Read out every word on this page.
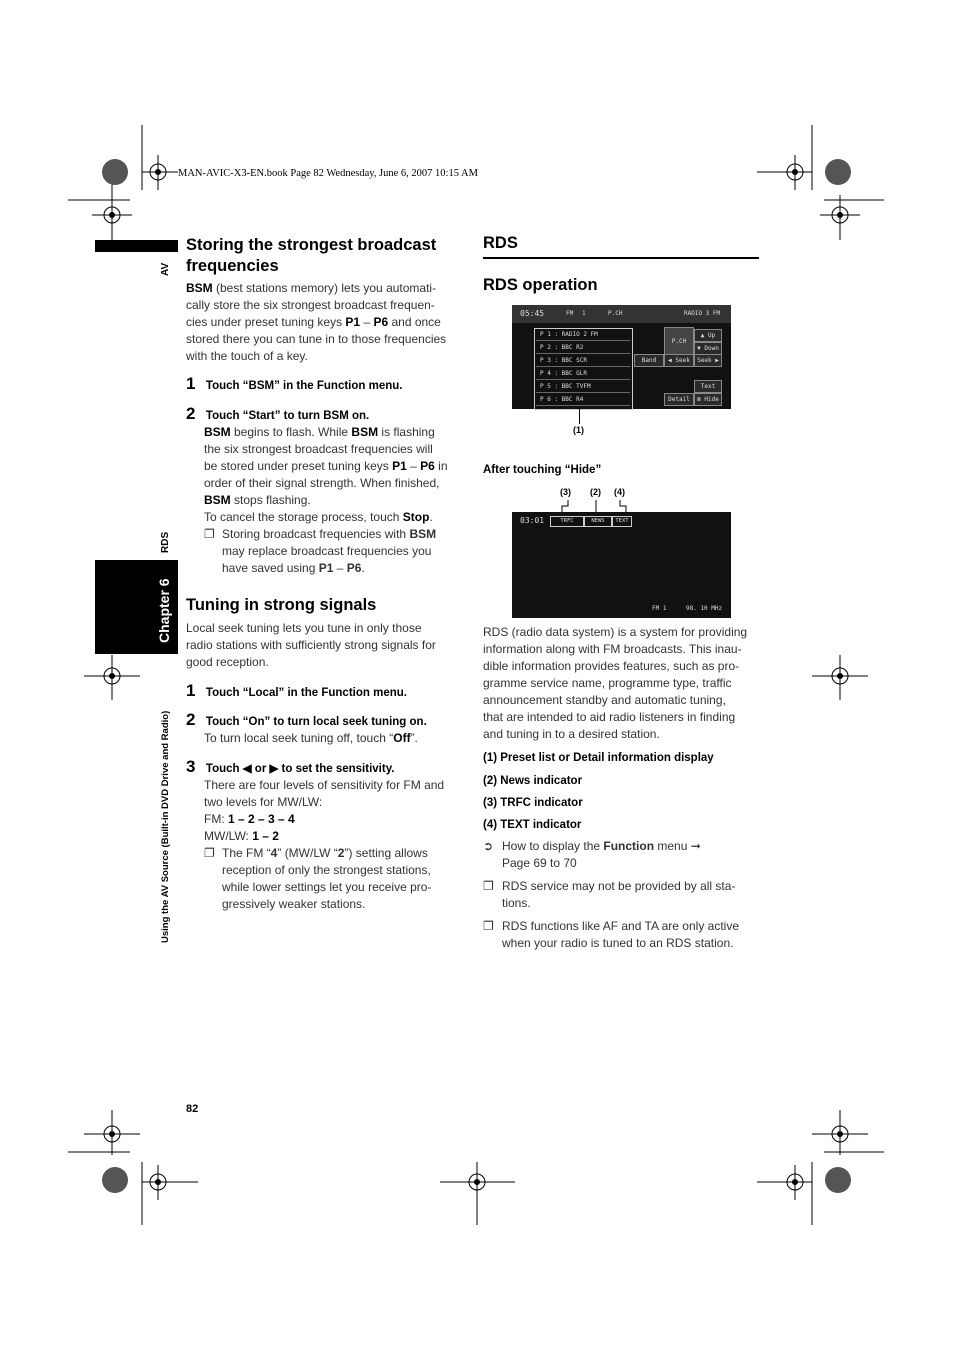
MAN-AVIC-X3-EN.book Page 82 Wednesday, June 6, 2007 10:15 AM
AV
RDS
Chapter 6
Using the AV Source (Built-in DVD Drive and Radio)
Storing the strongest broadcast
frequencies
BSM (best stations memory) lets you automati-
cally store the six strongest broadcast frequen-
cies under preset tuning keys P1 – P6 and once
stored there you can tune in to those frequencies
with the touch of a key.
1 Touch “BSM” in the Function menu.
2 Touch “Start” to turn BSM on.
BSM begins to flash. While BSM is flashing
the six strongest broadcast frequencies will
be stored under preset tuning keys P1 – P6 in
order of their signal strength. When finished,
BSM stops flashing.
To cancel the storage process, touch Stop.
❐ Storing broadcast frequencies with BSM
may replace broadcast frequencies you
have saved using P1 – P6.
Tuning in strong signals
Local seek tuning lets you tune in only those
radio stations with sufficiently strong signals for
good reception.
1 Touch “Local” in the Function menu.
2 Touch “On” to turn local seek tuning on.
To turn local seek tuning off, touch “Off”.
3 Touch ◀ or ▶ to set the sensitivity.
There are four levels of sensitivity for FM and
two levels for MW/LW:
FM: 1 – 2 – 3 – 4
MW/LW: 1 – 2
❐ The FM “4” (MW/LW “2”) setting allows
reception of only the strongest stations,
while lower settings let you receive pro-
gressively weaker stations.
RDS
RDS operation
05:45	FM 1	P.CH	RADIO 3 FM
P 1 : RADIO 2 FM
P 2 : BBC R2
P 3 : BBC SCR
P 4 : BBC GLR
P 5 : BBC TVFM
P 6 : BBC R4
P.CH
▲ Up
▼ Down
Band	◀ Seek	Seek ▶
Text
Detail	⊠ Hide
(1)
After touching “Hide”
(3) (2) (4)
03:01	TRFC	NEWS	TEXT
FM 1	98. 10 MHz
RDS (radio data system) is a system for providing
information along with FM broadcasts. This inau-
dible information provides features, such as pro-
gramme service name, programme type, traffic
announcement standby and automatic tuning,
that are intended to aid radio listeners in finding
and tuning in to a desired station.
(1) Preset list or Detail information display
(2) News indicator
(3) TRFC indicator
(4) TEXT indicator
➲ How to display the Function menu ➞
Page 69 to 70
❐ RDS service may not be provided by all sta-
tions.
❐ RDS functions like AF and TA are only active
when your radio is tuned to an RDS station.
82
